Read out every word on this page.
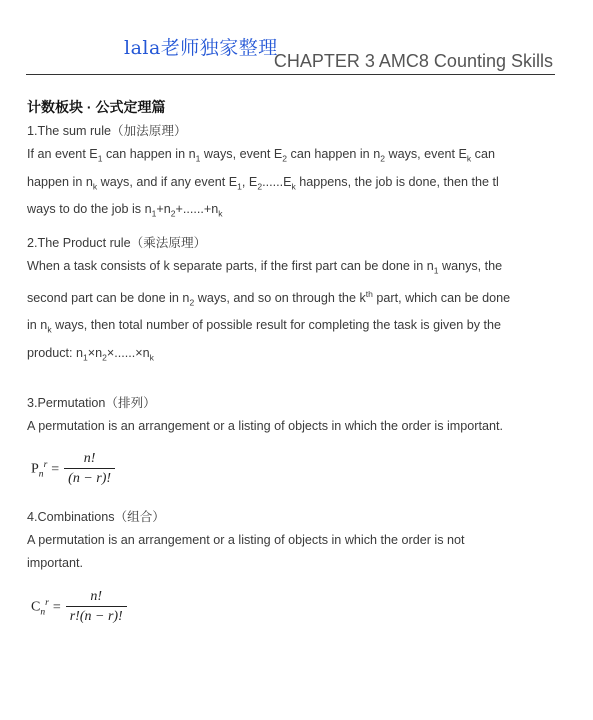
lala老师独家整理
CHAPTER 3 AMC8 Counting Skills
计数板块 · 公式定理篇
1.The sum rule（加法原理）

If an event $E_1$ can happen in $n_1$ ways, event $E_2$ can happen in $n_2$ ways, event $E_k$ can

happen in $n_k$ ways, and if any event $E_1$, $E_2......E_k$ happens, the job is done, then the tl

ways to do the job is $n_1+n_2+......+n_k$

2.The Product rule（乘法原理）

When a task consists of k separate parts, if the first part can be done in $n_1$ wanys, the

second part can be done in $n_2$ ways, and so on through the $k^{th}$ part, which can be done

in $n_k$ ways, then total number of possible result for completing the task is given by the

product: $n_1\times n_2\times......\times n_k$

3.Permutation（排列）

A permutation is an arrangement or a listing of objects in which the order is important.

$P_n^r = \frac{n!}{(n - r)!}$
4.Combinations（组合）

A permutation is an arrangement or a listing of objects in which the order is not

important.

$C_n^r = \frac{n!}{r!(n - r)!}$
